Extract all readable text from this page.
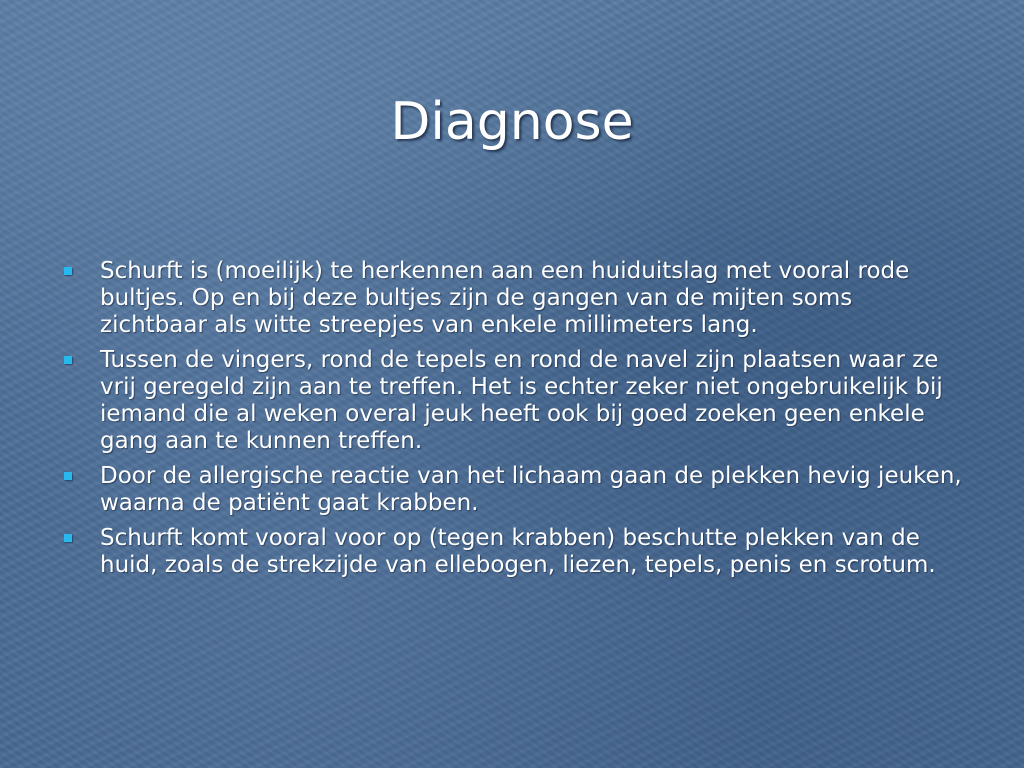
Diagnose
Schurft is (moeilijk) te herkennen aan een huiduitslag met vooral rode bultjes. Op en bij deze bultjes zijn de gangen van de mijten soms zichtbaar als witte streepjes van enkele millimeters lang.
Tussen de vingers, rond de tepels en rond de navel zijn plaatsen waar ze vrij geregeld zijn aan te treffen. Het is echter zeker niet ongebruikelijk bij iemand die al weken overal jeuk heeft ook bij goed zoeken geen enkele gang aan te kunnen treffen.
Door de allergische reactie van het lichaam gaan de plekken hevig jeuken, waarna de patiënt gaat krabben.
Schurft komt vooral voor op (tegen krabben) beschutte plekken van de huid, zoals de strekzijde van ellebogen, liezen, tepels, penis en scrotum.
